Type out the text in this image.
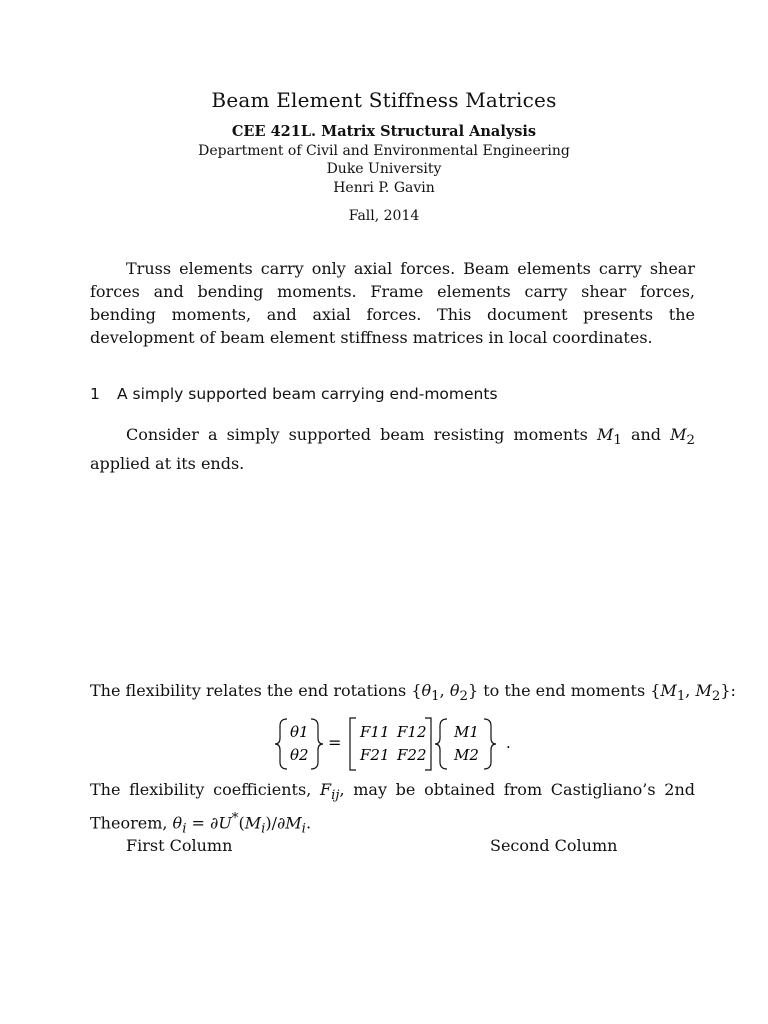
Beam Element Stiffness Matrices
CEE 421L. Matrix Structural Analysis
Department of Civil and Environmental Engineering
Duke University
Henri P. Gavin
Fall, 2014
Truss elements carry only axial forces. Beam elements carry shear forces and bending moments. Frame elements carry shear forces, bending moments, and axial forces. This document presents the development of beam element stiffness matrices in local coordinates.
1 A simply supported beam carrying end-moments
Consider a simply supported beam resisting moments $M_1$ and $M_2$ applied at its ends.
The flexibility relates the end rotations {$\theta_1$, $\theta_2$} to the end moments {$M_1$, $M_2$}:
θ1
θ2
=
F11 F12
F21 F22
M1
M2
.
The flexibility coefficients, $F_{ij}$, may be obtained from Castigliano’s 2nd Theorem, $\theta_i = \partial U^*(M_i)/\partial M_i$.
First Column	Second Column
